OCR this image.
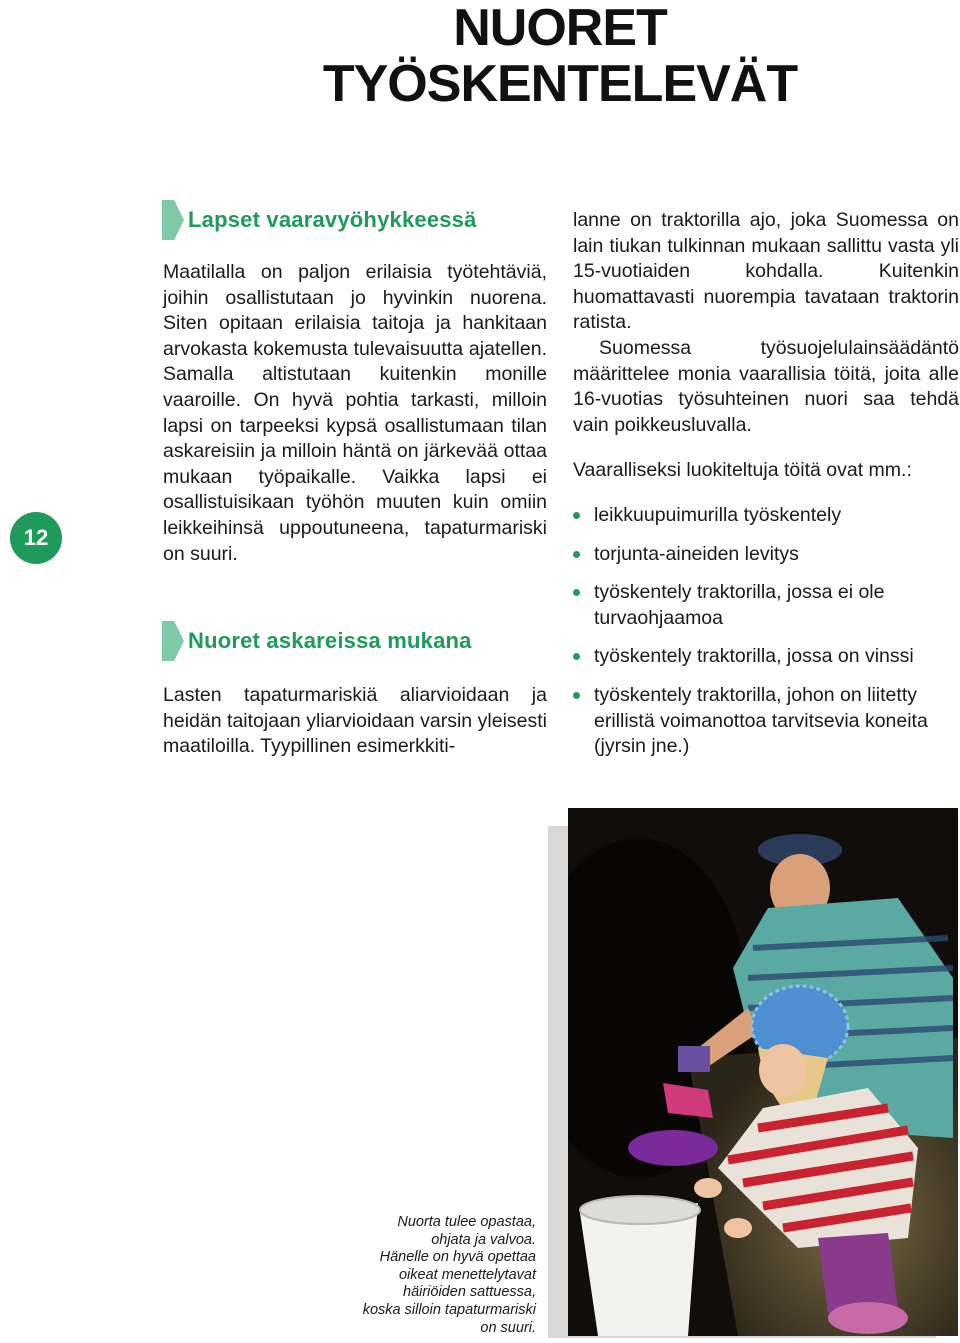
NUORET
TYÖSKENTELEVÄT
12
Lapset vaaravyöhykkeessä

Maatilalla on paljon erilaisia työtehtäviä, joihin osallistutaan jo hyvinkin nuorena. Siten opitaan erilaisia taitoja ja hankitaan arvokasta kokemusta tulevaisuutta ajatellen. Samalla altistutaan kuitenkin monille vaaroille. On hyvä pohtia tarkasti, milloin lapsi on tarpeeksi kypsä osallistumaan tilan askareisiin ja milloin häntä on järkevää ottaa mukaan työpaikalle. Vaikka lapsi ei osallistuisikaan työhön muuten kuin omiin leikkeihinsä uppoutuneena, tapaturmariski on suuri.

Nuoret askareissa mukana

Lasten tapaturmariskiä aliarvioidaan ja heidän taitojaan yliarvioidaan varsin yleisesti maatiloilla. Tyypillinen esimerkkiti-

lanne on traktorilla ajo, joka Suomessa on lain tiukan tulkinnan mukaan sallittu vasta yli 15-vuotiaiden kohdalla. Kuitenkin huomattavasti nuorempia tavataan traktorin ratista.

Suomessa työsuojelulainsäädäntö määrittelee monia vaarallisia töitä, joita alle 16-vuotias työsuhteinen nuori saa tehdä vain poikkeusluvalla.

Vaaralliseksi luokiteltuja töitä ovat mm.:

leikkuupuimurilla työskentely
torjunta-aineiden levitys
työskentely traktorilla, jossa ei ole turvaohjaamoa
työskentely traktorilla, jossa on vinssi
työskentely traktorilla, johon on liitetty erillistä voimanottoa tarvitsevia koneita (jyrsin jne.)
Nuorta tulee opastaa,
ohjata ja valvoa.
Hänelle on hyvä opettaa
oikeat menettelytavat
häiriöiden sattuessa,
koska silloin tapaturmariski
on suuri.
